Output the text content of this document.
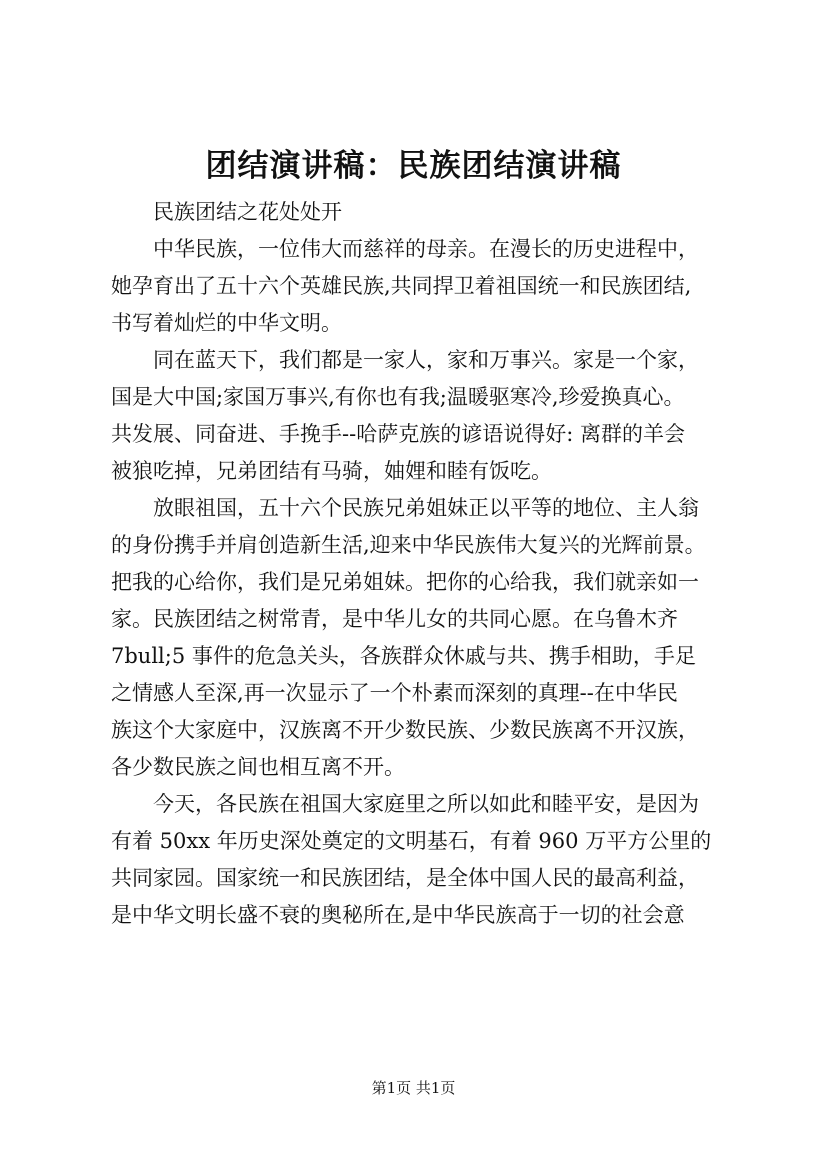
团结演讲稿：民族团结演讲稿
民族团结之花处处开
中华民族，一位伟大而慈祥的母亲。在漫长的历史进程中，
她孕育出了五十六个英雄民族,共同捍卫着祖国统一和民族团结,
书写着灿烂的中华文明。
同在蓝天下，我们都是一家人，家和万事兴。家是一个家，
国是大中国;家国万事兴,有你也有我;温暖驱寒冷,珍爱换真心。
共发展、同奋进、手挽手--哈萨克族的谚语说得好: 离群的羊会
被狼吃掉，兄弟团结有马骑，妯娌和睦有饭吃。
放眼祖国，五十六个民族兄弟姐妹正以平等的地位、主人翁
的身份携手并肩创造新生活,迎来中华民族伟大复兴的光辉前景。
把我的心给你，我们是兄弟姐妹。把你的心给我，我们就亲如一
家。民族团结之树常青，是中华儿女的共同心愿。在乌鲁木齐
7bull;5 事件的危急关头，各族群众休戚与共、携手相助，手足
之情感人至深,再一次显示了一个朴素而深刻的真理--在中华民
族这个大家庭中，汉族离不开少数民族、少数民族离不开汉族，
各少数民族之间也相互离不开。
今天，各民族在祖国大家庭里之所以如此和睦平安，是因为
有着 50xx 年历史深处奠定的文明基石，有着 960 万平方公里的
共同家园。国家统一和民族团结，是全体中国人民的最高利益，
是中华文明长盛不衰的奥秘所在,是中华民族高于一切的社会意
第1页 共1页
